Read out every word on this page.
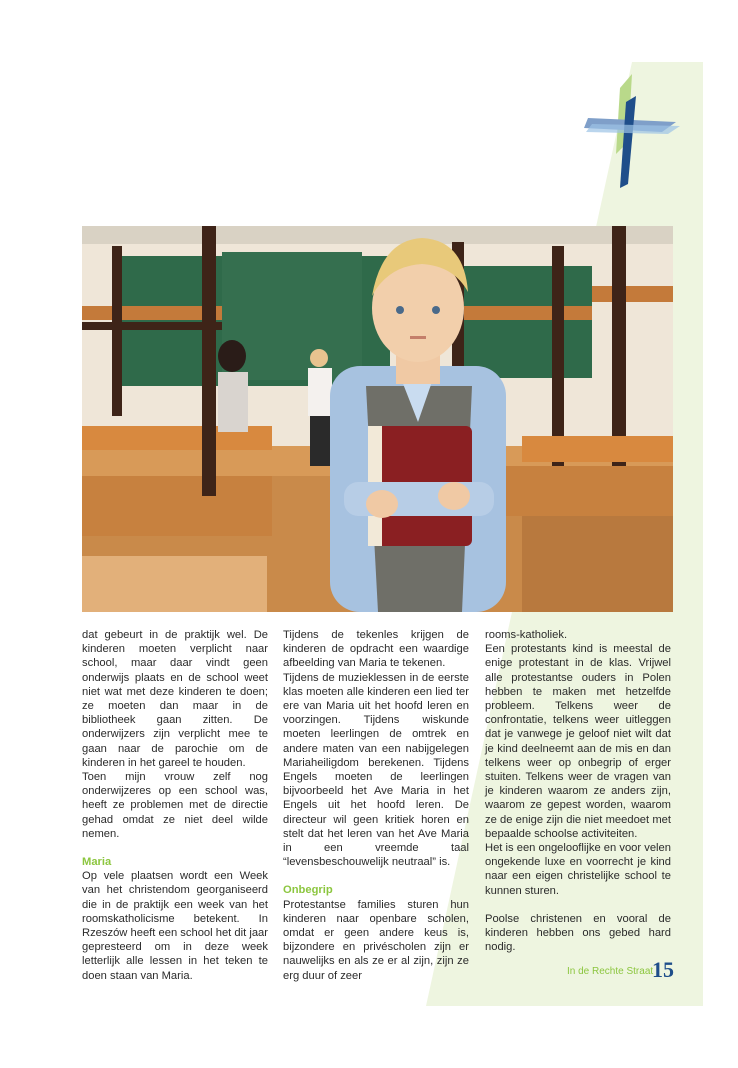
dat gebeurt in de praktijk wel. De kinderen moeten verplicht naar school, maar daar vindt geen onderwijs plaats en de school weet niet wat met deze kinderen te doen; ze moeten dan maar in de bibliotheek gaan zitten. De onderwijzers zijn verplicht mee te gaan naar de parochie om de kinderen in het gareel te houden.

Toen mijn vrouw zelf nog onderwijzeres op een school was, heeft ze problemen met de directie gehad omdat ze niet deel wilde nemen.

Maria

Op vele plaatsen wordt een Week van het christendom georganiseerd die in de praktijk een week van het roomskatholicisme betekent. In Rzeszów heeft een school het dit jaar gepresteerd om in deze week letterlijk alle lessen in het teken te doen staan van Maria.

Tijdens de tekenles krijgen de kinderen de opdracht een waardige afbeelding van Maria te tekenen.

Tijdens de muzieklessen in de eerste klas moeten alle kinderen een lied ter ere van Maria uit het hoofd leren en voorzingen. Tijdens wiskunde moeten leerlingen de omtrek en andere maten van een nabijgelegen Mariaheiligdom berekenen. Tijdens Engels moeten de leerlingen bijvoorbeeld het Ave Maria in het Engels uit het hoofd leren. De directeur wil geen kritiek horen en stelt dat het leren van het Ave Maria in een vreemde taal “levensbeschouwelijk neutraal” is.

Onbegrip

Protestantse families sturen hun kinderen naar openbare scholen, omdat er geen andere keus is, bijzondere en privéscholen zijn er nauwelijks en als ze er al zijn, zijn ze erg duur of zeer

rooms-katholiek.

Een protestants kind is meestal de enige protestant in de klas. Vrijwel alle protestantse ouders in Polen hebben te maken met hetzelfde probleem. Telkens weer de confrontatie, telkens weer uitleggen dat je vanwege je geloof niet wilt dat je kind deelneemt aan de mis en dan telkens weer op onbegrip of erger stuiten. Telkens weer de vragen van je kinderen waarom ze anders zijn, waarom ze gepest worden, waarom ze de enige zijn die niet meedoet met bepaalde schoolse activiteiten.

Het is een ongelooflijke en voor velen ongekende luxe en voorrecht je kind naar een eigen christelijke school te kunnen sturen.

Poolse christenen en vooral de kinderen hebben ons gebed hard nodig.

In de Rechte Straat
15
